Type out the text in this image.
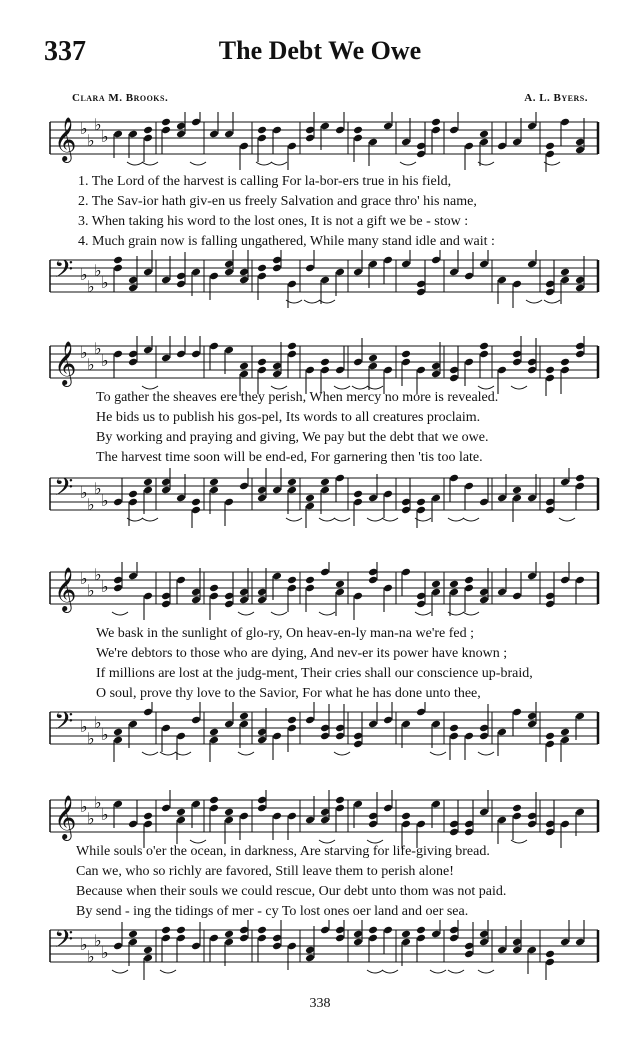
337	The Debt We Owe
Clara M. Brooks.	A. L. Byers.
𝄞 ♭
♭
♭
♭
1. The Lord of the harvest is calling For la-bor-ers true in his field,
2. The Sav-ior hath giv-en us freely Salvation and grace thro' his name,
3. When taking his word to the lost ones, It is not a gift we be - stow :
4. Much grain now is falling ungathered, While many stand idle and wait :
𝄢 ♭
♭
♭
♭
𝄞 ♭
♭
♭
♭
To gather the sheaves ere they perish, When mercy no more is revealed.
He bids us to publish his gos-pel, Its words to all creatures proclaim.
By working and praying and giving, We pay but the debt that we owe.
The harvest time soon will be end-ed, For garnering then 'tis too late.
𝄢 ♭
♭
♭
♭
𝄞 ♭
♭
♭
♭
We bask in the sunlight of glo-ry, On heav-en-ly man-na we're fed ;
We're debtors to those who are dying, And nev-er its power have known ;
If millions are lost at the judg-ment, Their cries shall our conscience up-braid,
O soul, prove thy love to the Savior, For what he has done unto thee,
𝄢 ♭
♭
♭
♭
𝄞 ♭
♭
♭
♭
While souls o'er the ocean, in darkness, Are starving for life-giving bread.
Can we, who so richly are favored, Still leave them to perish alone!
Because when their souls we could rescue, Our debt unto thom was not paid.
By send - ing the tidings of mer - cy To lost ones oer land and oer sea.
𝄢 ♭
♭
♭
♭
338
